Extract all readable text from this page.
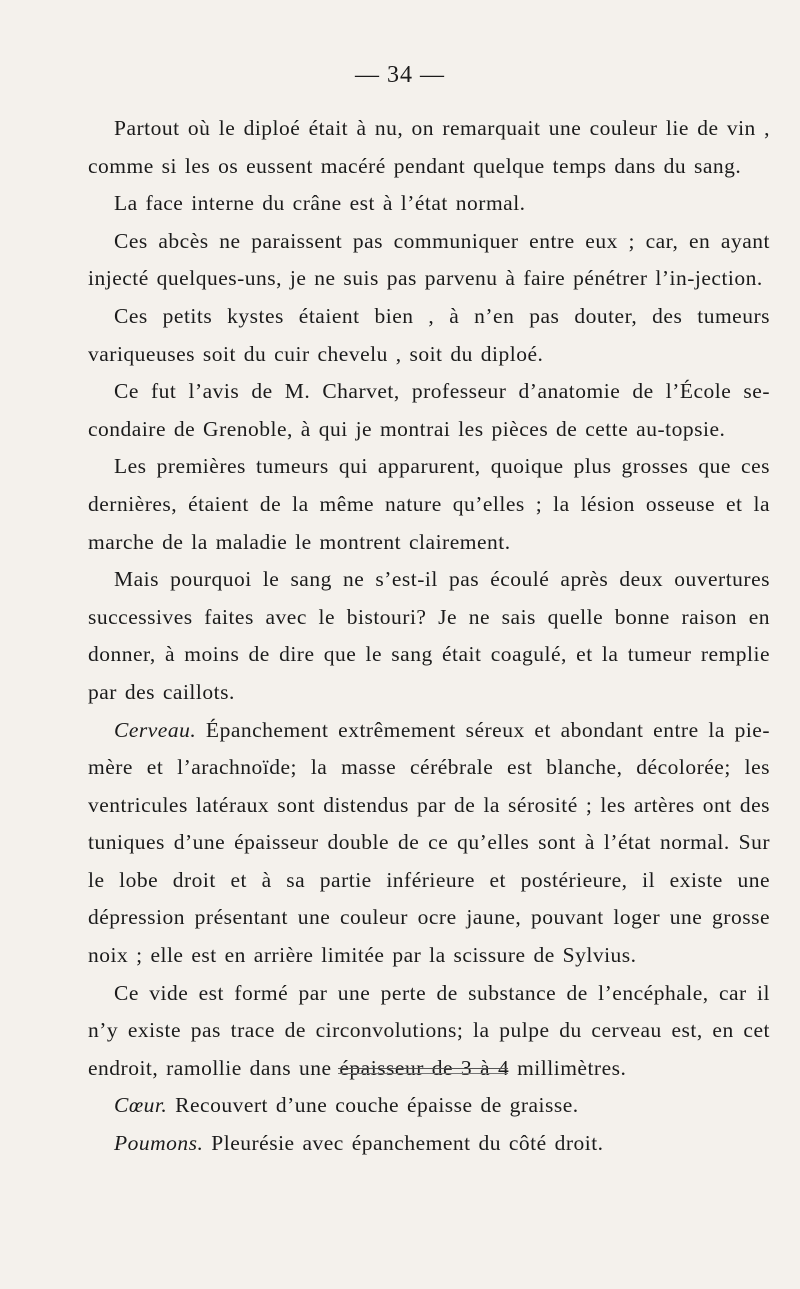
— 34 —

Partout où le diploé était à nu, on remarquait une couleur lie de vin , comme si les os eussent macéré pendant quelque temps dans du sang.

La face interne du crâne est à l’état normal.

Ces abcès ne paraissent pas communiquer entre eux ; car, en ayant injecté quelques-uns, je ne suis pas parvenu à faire pénétrer l’in-jection.

Ces petits kystes étaient bien , à n’en pas douter, des tumeurs variqueuses soit du cuir chevelu , soit du diploé.

Ce fut l’avis de M. Charvet, professeur d’anatomie de l’École se-condaire de Grenoble, à qui je montrai les pièces de cette au-topsie.

Les premières tumeurs qui apparurent, quoique plus grosses que ces dernières, étaient de la même nature qu’elles ; la lésion osseuse et la marche de la maladie le montrent clairement.

Mais pourquoi le sang ne s’est-il pas écoulé après deux ouvertures successives faites avec le bistouri? Je ne sais quelle bonne raison en donner, à moins de dire que le sang était coagulé, et la tumeur remplie par des caillots.

Cerveau. Épanchement extrêmement séreux et abondant entre la pie-mère et l’arachnoïde; la masse cérébrale est blanche, décolorée; les ventricules latéraux sont distendus par de la sérosité ; les artères ont des tuniques d’une épaisseur double de ce qu’elles sont à l’état normal. Sur le lobe droit et à sa partie inférieure et postérieure, il existe une dépression présentant une couleur ocre jaune, pouvant loger une grosse noix ; elle est en arrière limitée par la scissure de Sylvius.

Ce vide est formé par une perte de substance de l’encéphale, car il n’y existe pas trace de circonvolutions; la pulpe du cerveau est, en cet endroit, ramollie dans une épaisseur de 3 à 4 millimètres.

Cœur. Recouvert d’une couche épaisse de graisse.

Poumons. Pleurésie avec épanchement du côté droit.
